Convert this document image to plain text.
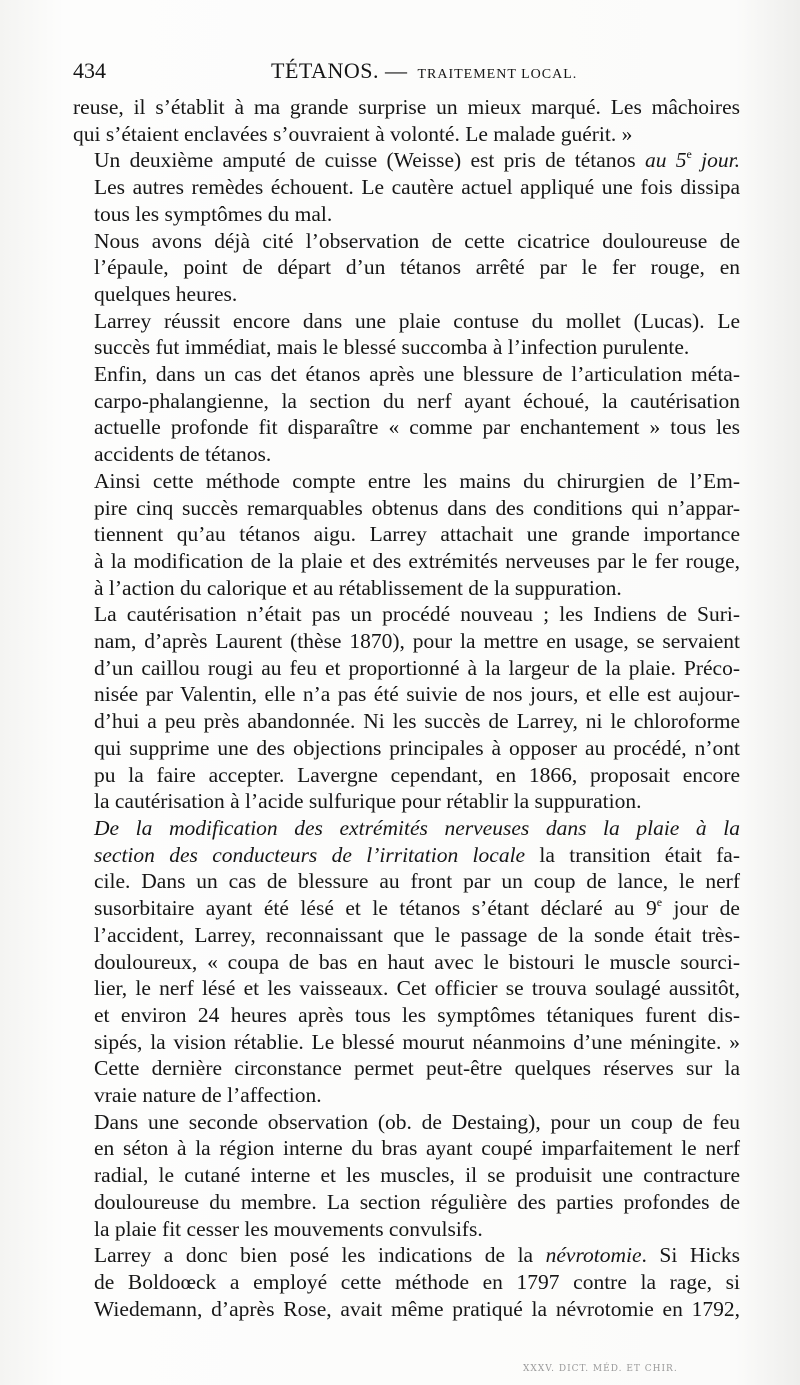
434	TÉTANOS. — TRAITEMENT LOCAL.

reuse, il s’établit à ma grande surprise un mieux marqué. Les mâchoires
qui s’étaient enclavées s’ouvraient à volonté. Le malade guérit. »

Un deuxième amputé de cuisse (Weisse) est pris de tétanos au 5e jour.
Les autres remèdes échouent. Le cautère actuel appliqué une fois dissipa
tous les symptômes du mal.

Nous avons déjà cité l’observation de cette cicatrice douloureuse de
l’épaule, point de départ d’un tétanos arrêté par le fer rouge, en
quelques heures.

Larrey réussit encore dans une plaie contuse du mollet (Lucas). Le
succès fut immédiat, mais le blessé succomba à l’infection purulente.

Enfin, dans un cas det étanos après une blessure de l’articulation méta-
carpo-phalangienne, la section du nerf ayant échoué, la cautérisation
actuelle profonde fit disparaître « comme par enchantement » tous les
accidents de tétanos.

Ainsi cette méthode compte entre les mains du chirurgien de l’Em-
pire cinq succès remarquables obtenus dans des conditions qui n’appar-
tiennent qu’au tétanos aigu. Larrey attachait une grande importance
à la modification de la plaie et des extrémités nerveuses par le fer rouge,
à l’action du calorique et au rétablissement de la suppuration.

La cautérisation n’était pas un procédé nouveau ; les Indiens de Suri-
nam, d’après Laurent (thèse 1870), pour la mettre en usage, se servaient
d’un caillou rougi au feu et proportionné à la largeur de la plaie. Préco-
nisée par Valentin, elle n’a pas été suivie de nos jours, et elle est aujour-
d’hui a peu près abandonnée. Ni les succès de Larrey, ni le chloroforme
qui supprime une des objections principales à opposer au procédé, n’ont
pu la faire accepter. Lavergne cependant, en 1866, proposait encore
la cautérisation à l’acide sulfurique pour rétablir la suppuration.

De la modification des extrémités nerveuses dans la plaie à la
section des conducteurs de l’irritation locale la transition était fa-
cile. Dans un cas de blessure au front par un coup de lance, le nerf
susorbitaire ayant été lésé et le tétanos s’étant déclaré au 9e jour de
l’accident, Larrey, reconnaissant que le passage de la sonde était très-
douloureux, « coupa de bas en haut avec le bistouri le muscle sourci-
lier, le nerf lésé et les vaisseaux. Cet officier se trouva soulagé aussitôt,
et environ 24 heures après tous les symptômes tétaniques furent dis-
sipés, la vision rétablie. Le blessé mourut néanmoins d’une méningite. »
Cette dernière circonstance permet peut-être quelques réserves sur la
vraie nature de l’affection.

Dans une seconde observation (ob. de Destaing), pour un coup de feu
en séton à la région interne du bras ayant coupé imparfaitement le nerf
radial, le cutané interne et les muscles, il se produisit une contracture
douloureuse du membre. La section régulière des parties profondes de
la plaie fit cesser les mouvements convulsifs.

Larrey a donc bien posé les indications de la névrotomie. Si Hicks
de Boldoœck a employé cette méthode en 1797 contre la rage, si
Wiedemann, d’après Rose, avait même pratiqué la névrotomie en 1792,

XXXV. DICT. MÉD. ET CHIR.
